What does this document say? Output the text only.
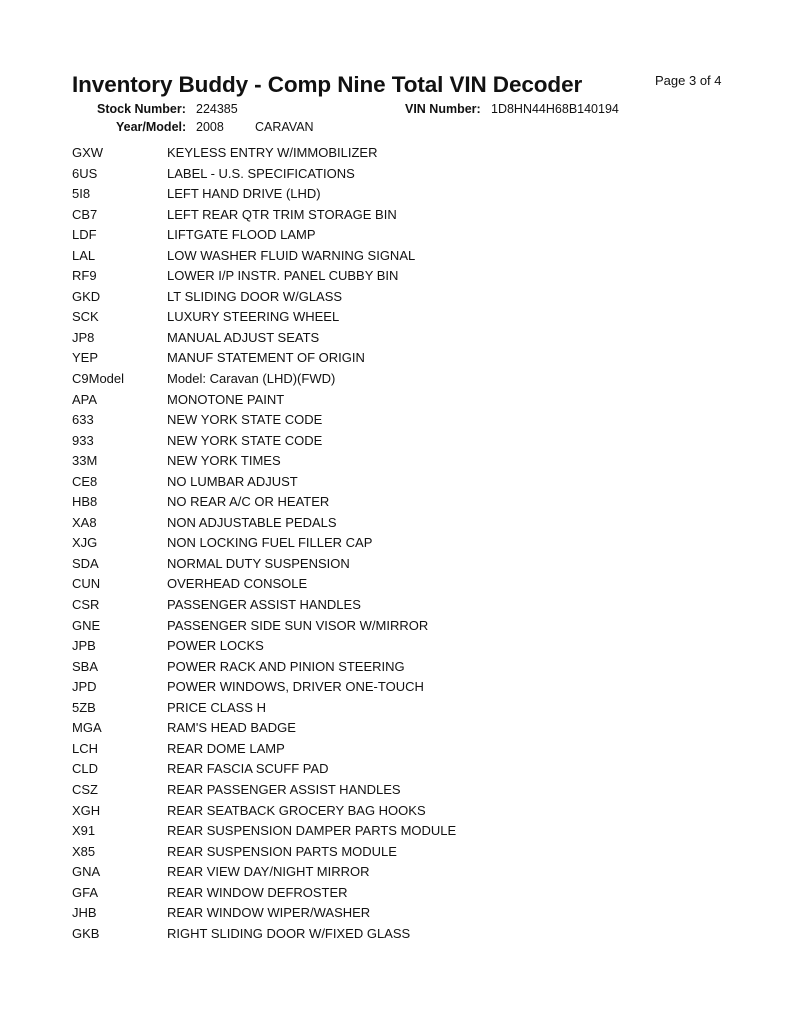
Inventory Buddy - Comp Nine Total VIN Decoder	Page 3 of 4
Stock Number: 224385	VIN Number: 1D8HN44H68B140194
Year/Model: 2008 CARAVAN
GXW	KEYLESS ENTRY W/IMMOBILIZER
6US	LABEL - U.S. SPECIFICATIONS
5I8	LEFT HAND DRIVE (LHD)
CB7	LEFT REAR QTR TRIM STORAGE BIN
LDF	LIFTGATE FLOOD LAMP
LAL	LOW WASHER FLUID WARNING SIGNAL
RF9	LOWER I/P INSTR. PANEL CUBBY BIN
GKD	LT SLIDING DOOR W/GLASS
SCK	LUXURY STEERING WHEEL
JP8	MANUAL ADJUST SEATS
YEP	MANUF STATEMENT OF ORIGIN
C9Model	Model: Caravan (LHD)(FWD)
APA	MONOTONE PAINT
633	NEW YORK STATE CODE
933	NEW YORK STATE CODE
33M	NEW YORK TIMES
CE8	NO LUMBAR ADJUST
HB8	NO REAR A/C OR HEATER
XA8	NON ADJUSTABLE PEDALS
XJG	NON LOCKING FUEL FILLER CAP
SDA	NORMAL DUTY SUSPENSION
CUN	OVERHEAD CONSOLE
CSR	PASSENGER ASSIST HANDLES
GNE	PASSENGER SIDE SUN VISOR W/MIRROR
JPB	POWER LOCKS
SBA	POWER RACK AND PINION STEERING
JPD	POWER WINDOWS, DRIVER ONE-TOUCH
5ZB	PRICE CLASS H
MGA	RAM'S HEAD BADGE
LCH	REAR DOME LAMP
CLD	REAR FASCIA SCUFF PAD
CSZ	REAR PASSENGER ASSIST HANDLES
XGH	REAR SEATBACK GROCERY BAG HOOKS
X91	REAR SUSPENSION DAMPER PARTS MODULE
X85	REAR SUSPENSION PARTS MODULE
GNA	REAR VIEW DAY/NIGHT MIRROR
GFA	REAR WINDOW DEFROSTER
JHB	REAR WINDOW WIPER/WASHER
GKB	RIGHT SLIDING DOOR W/FIXED GLASS
